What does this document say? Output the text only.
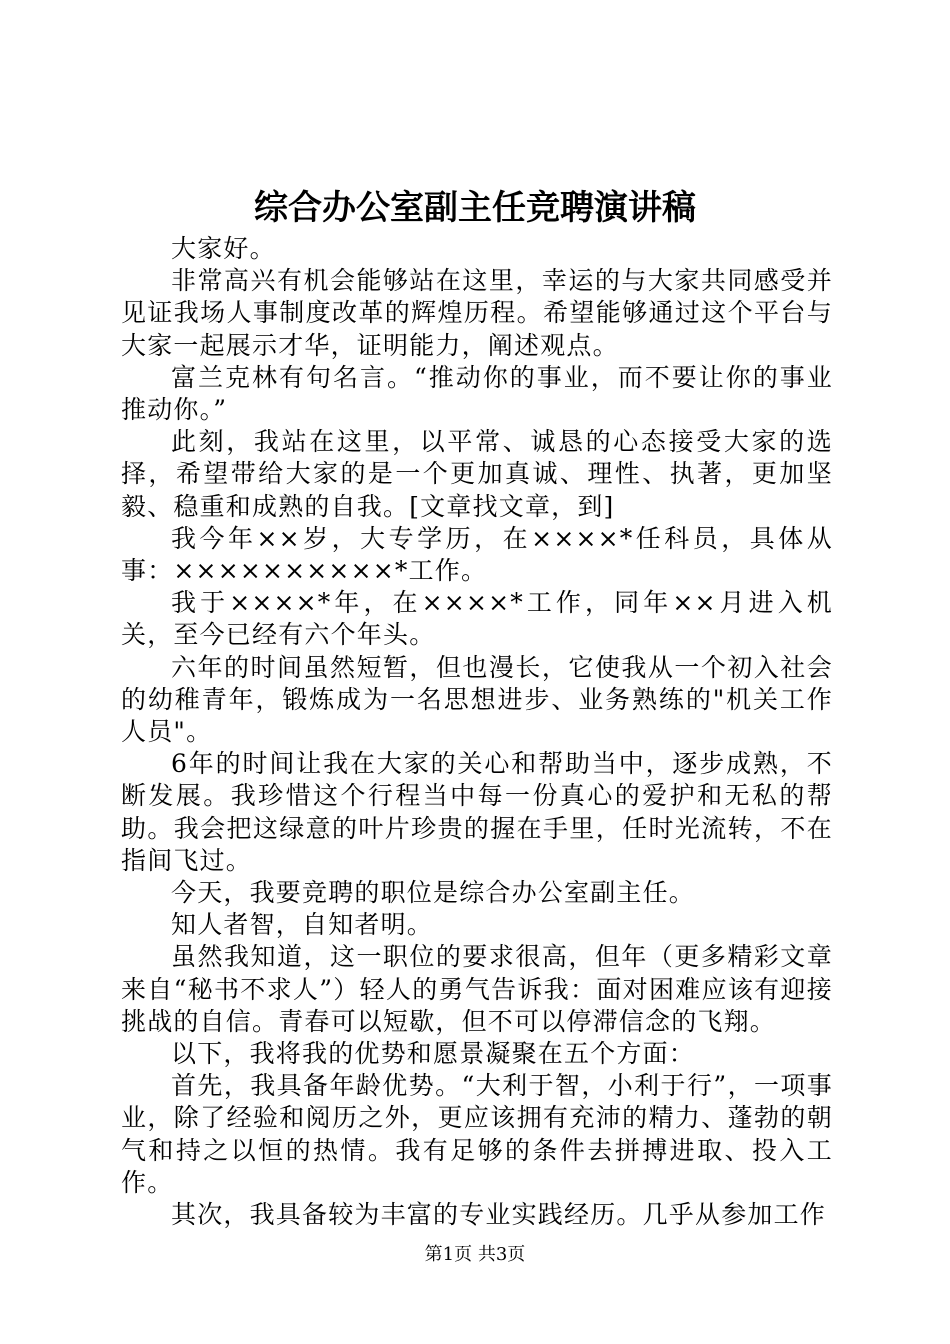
综合办公室副主任竞聘演讲稿

大家好。

非常高兴有机会能够站在这里，幸运的与大家共同感受并见证我场人事制度改革的辉煌历程。希望能够通过这个平台与大家一起展示才华，证明能力，阐述观点。

富兰克林有句名言。“推动你的事业，而不要让你的事业推动你。”

此刻，我站在这里，以平常、诚恳的心态接受大家的选择，希望带给大家的是一个更加真诚、理性、执著，更加坚毅、稳重和成熟的自我。[文章找文章，到]

我今年××岁，大专学历，在××××*任科员，具体从事：××××××××××*工作。

我于××××*年，在××××*工作，同年××月进入机关，至今已经有六个年头。

六年的时间虽然短暂，但也漫长，它使我从一个初入社会的幼稚青年，锻炼成为一名思想进步、业务熟练的"机关工作人员"。

6年的时间让我在大家的关心和帮助当中，逐步成熟，不断发展。我珍惜这个行程当中每一份真心的爱护和无私的帮助。我会把这绿意的叶片珍贵的握在手里，任时光流转，不在指间飞过。

今天，我要竞聘的职位是综合办公室副主任。

知人者智，自知者明。

虽然我知道，这一职位的要求很高，但年（更多精彩文章来自“秘书不求人”）轻人的勇气告诉我：面对困难应该有迎接挑战的自信。青春可以短歇，但不可以停滞信念的飞翔。

以下，我将我的优势和愿景凝聚在五个方面：

首先，我具备年龄优势。“大利于智，小利于行”，一项事业，除了经验和阅历之外，更应该拥有充沛的精力、蓬勃的朝气和持之以恒的热情。我有足够的条件去拼搏进取、投入工作。

其次，我具备较为丰富的专业实践经历。几乎从参加工作

第1页 共3页
